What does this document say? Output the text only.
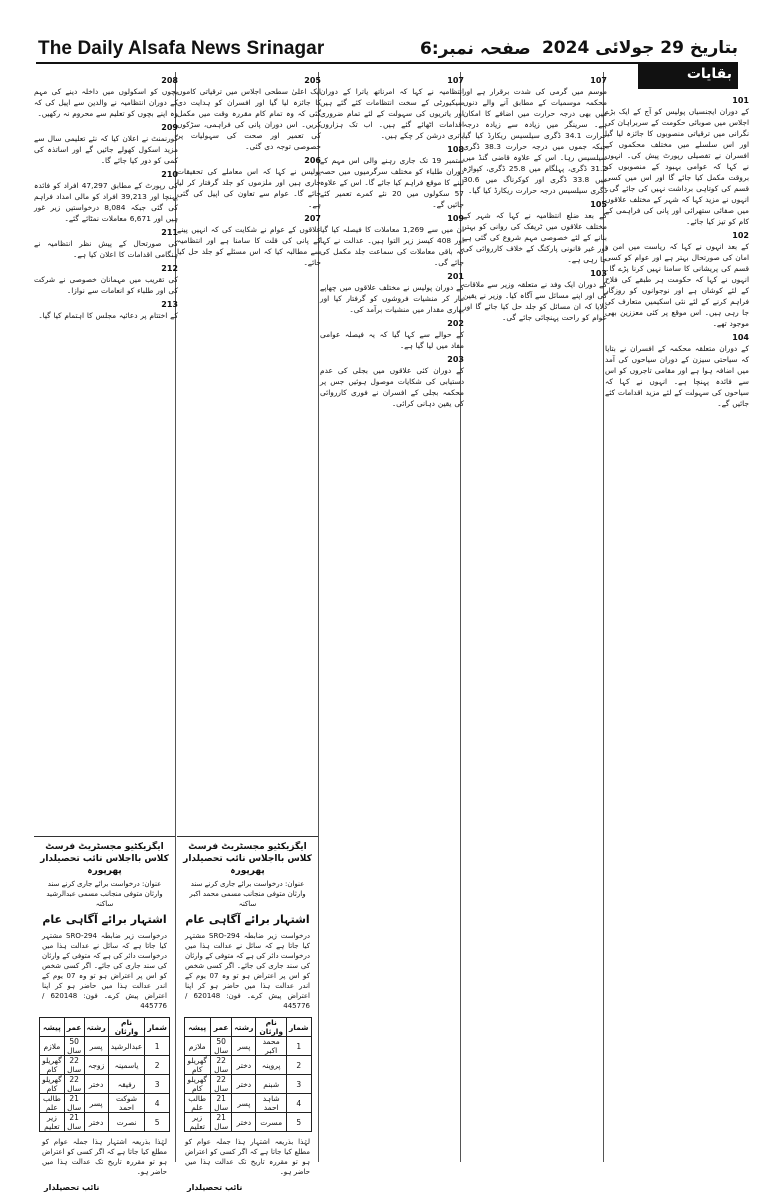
The Daily Alsafa News Srinagar	صفحہ نمبر:6 بتاریخ 29 جولائی 2024
بقایات
101
کے دوران ایجنسیاں پولیس کو آج کے ایک بڑے اجلاس میں صوبائی حکومت کے سربراہان کی نگرانی میں ترقیاتی منصوبوں کا جائزہ لیا گیا اور اس سلسلے میں مختلف محکموں کے افسران نے تفصیلی رپورٹ پیش کی۔ انہوں نے کہا کہ عوامی بہبود کے منصوبوں کو بروقت مکمل کیا جائے گا اور اس میں کسی قسم کی کوتاہی برداشت نہیں کی جائے گی۔ انہوں نے مزید کہا کہ شہر کے مختلف علاقوں میں صفائی ستھرائی اور پانی کی فراہمی کے کام کو تیز کیا جائے۔
102
کے بعد انہوں نے کہا کہ ریاست میں امن و امان کی صورتحال بہتر ہے اور عوام کو کسی قسم کی پریشانی کا سامنا نہیں کرنا پڑے گا۔ انہوں نے کہا کہ حکومت ہر طبقے کی فلاح کے لئے کوشاں ہے اور نوجوانوں کو روزگار فراہم کرنے کے لئے نئی اسکیمیں متعارف کی جا رہی ہیں۔ اس موقع پر کئی معززین بھی موجود تھے۔
104
کے دوران متعلقہ محکمہ کے افسران نے بتایا کہ سیاحتی سیزن کے دوران سیاحوں کی آمد میں اضافہ ہوا ہے اور مقامی تاجروں کو اس سے فائدہ پہنچا ہے۔ انہوں نے کہا کہ سیاحوں کی سہولت کے لئے مزید اقدامات کئے جائیں گے۔
107
موسم میں گرمی کی شدت برقرار ہے اور محکمہ موسمیات کے مطابق آنے والے دنوں میں بھی درجہ حرارت میں اضافے کا امکان ہے۔ سرینگر میں زیادہ سے زیادہ درجہ حرارت 34.1 ڈگری سیلسیس ریکارڈ کیا گیا جبکہ جموں میں درجہ حرارت 38.3 ڈگری سیلسیس رہا۔ اس کے علاوہ قاضی گنڈ میں 31.2 ڈگری، پہلگام میں 25.8 ڈگری، کپواڑہ میں 33.8 ڈگری اور کوکرناگ میں 30.6 ڈگری سیلسیس درجہ حرارت ریکارڈ کیا گیا۔
105
کے بعد ضلع انتظامیہ نے کہا کہ شہر کے مختلف علاقوں میں ٹریفک کی روانی کو بہتر بنانے کے لئے خصوصی مہم شروع کی گئی ہے اور غیر قانونی پارکنگ کے خلاف کارروائی کی جا رہی ہے۔
103
کے دوران ایک وفد نے متعلقہ وزیر سے ملاقات کی اور اپنے مسائل سے آگاہ کیا۔ وزیر نے یقین دلایا کہ ان مسائل کو جلد حل کیا جائے گا اور عوام کو راحت پہنچائی جائے گی۔
107
انتظامیہ نے کہا کہ امرناتھ یاترا کے دوران سیکیورٹی کے سخت انتظامات کئے گئے ہیں اور یاتریوں کی سہولت کے لئے تمام ضروری اقدامات اٹھائے گئے ہیں۔ اب تک ہزاروں یاتری درشن کر چکے ہیں۔
108
ستمبر 19 تک جاری رہنے والی اس مہم کے دوران طلباء کو مختلف سرگرمیوں میں حصہ لینے کا موقع فراہم کیا جائے گا۔ اس کے علاوہ 57 سکولوں میں 20 نئے کمرے تعمیر کئے جائیں گے۔
109
ان میں سے 1,269 معاملات کا فیصلہ کیا گیا اور 408 کیسز زیر التوا ہیں۔ عدالت نے کہا کہ باقی معاملات کی سماعت جلد مکمل کی جائے گی۔
201
کے دوران پولیس نے مختلف علاقوں میں چھاپے مار کر منشیات فروشوں کو گرفتار کیا اور بھاری مقدار میں منشیات برآمد کی۔
202
کے حوالے سے کہا گیا کہ یہ فیصلہ عوامی مفاد میں لیا گیا ہے۔
203
کے دوران کئی علاقوں میں بجلی کی عدم دستیابی کی شکایات موصول ہوئیں جس پر محکمہ بجلی کے افسران نے فوری کارروائی کی یقین دہانی کرائی۔
205
ایک اعلیٰ سطحی اجلاس میں ترقیاتی کاموں کا جائزہ لیا گیا اور افسران کو ہدایت دی گئی کہ وہ تمام کام مقررہ وقت میں مکمل کریں۔ اس دوران پانی کی فراہمی، سڑکوں کی تعمیر اور صحت کی سہولیات پر خصوصی توجہ دی گئی۔
206
پولیس نے کہا کہ اس معاملے کی تحقیقات جاری ہیں اور ملزموں کو جلد گرفتار کر لیا جائے گا۔ عوام سے تعاون کی اپیل کی گئی ہے۔
207
علاقوں کے عوام نے شکایت کی کہ انہیں پینے کے پانی کی قلت کا سامنا ہے اور انتظامیہ سے مطالبہ کیا کہ اس مسئلے کو جلد حل کیا جائے۔
208
بچوں کو اسکولوں میں داخلہ دینے کی مہم کے دوران انتظامیہ نے والدین سے اپیل کی کہ وہ اپنے بچوں کو تعلیم سے محروم نہ رکھیں۔
209
گورنمنٹ نے اعلان کیا کہ نئے تعلیمی سال سے مزید اسکول کھولے جائیں گے اور اساتذہ کی کمی کو دور کیا جائے گا۔
210
کی رپورٹ کے مطابق 47,297 افراد کو فائدہ پہنچا اور 39,213 افراد کو مالی امداد فراہم کی گئی جبکہ 8,084 درخواستیں زیر غور ہیں اور 6,671 معاملات نمٹائے گئے۔
211
کی صورتحال کے پیش نظر انتظامیہ نے ہنگامی اقدامات کا اعلان کیا ہے۔
212
کی تقریب میں مہمانان خصوصی نے شرکت کی اور طلباء کو انعامات سے نوازا۔
213
کے اختتام پر دعائیہ مجلس کا اہتمام کیا گیا۔
ایگزیکٹیو مجسٹریٹ فرسٹ کلاس بااجلاس نائب تحصیلدار پھرپورہ
عنوان: درخواست برائے جاری کرنے سند وارثان متوفی منجانب مسمی محمد اکبر ساکنہ
اشتہار برائے آگاہی عام
درخواست زیر ضابطہ SRO-294 مشتہر کیا جاتا ہے کہ سائل نے عدالت ہذا میں درخواست دائر کی ہے کہ متوفی کے وارثان کی سند جاری کی جائے۔ اگر کسی شخص کو اس پر اعتراض ہو تو وہ 07 یوم کے اندر عدالت ہذا میں حاضر ہو کر اپنا اعتراض پیش کرے۔ فون: 620148 / 445776
شمار	نام وارثان	رشتہ	عمر	پیشہ
1	محمد اکبر	پسر	50 سال	ملازم
2	پروینہ	دختر	22 سال	گھریلو کام
3	شبنم	دختر	22 سال	گھریلو کام
4	شاہد احمد	پسر	21 سال	طالب علم
5	مسرت	دختر	21 سال	زیر تعلیم
لہٰذا بذریعہ اشتہار ہذا جملہ عوام کو مطلع کیا جاتا ہے کہ اگر کسی کو اعتراض ہو تو مقررہ تاریخ تک عدالت ہذا میں حاضر ہو۔
نائب تحصیلدار
ایگزیکٹیو مجسٹریٹ فرسٹ کلاس بااجلاس نائب تحصیلدار پھرپورہ
عنوان: درخواست برائے جاری کرنے سند وارثان متوفی منجانب مسمی عبدالرشید ساکنہ
اشتہار برائے آگاہی عام
درخواست زیر ضابطہ SRO-294 مشتہر کیا جاتا ہے کہ سائل نے عدالت ہذا میں درخواست دائر کی ہے کہ متوفی کے وارثان کی سند جاری کی جائے۔ اگر کسی شخص کو اس پر اعتراض ہو تو وہ 07 یوم کے اندر عدالت ہذا میں حاضر ہو کر اپنا اعتراض پیش کرے۔ فون: 620148 / 445776
شمار	نام وارثان	رشتہ	عمر	پیشہ
1	عبدالرشید	پسر	50 سال	ملازم
2	یاسمینہ	زوجہ	22 سال	گھریلو کام
3	رفیقہ	دختر	22 سال	گھریلو کام
4	شوکت احمد	پسر	21 سال	طالب علم
5	نصرت	دختر	21 سال	زیر تعلیم
لہٰذا بذریعہ اشتہار ہذا جملہ عوام کو مطلع کیا جاتا ہے کہ اگر کسی کو اعتراض ہو تو مقررہ تاریخ تک عدالت ہذا میں حاضر ہو۔
نائب تحصیلدار
